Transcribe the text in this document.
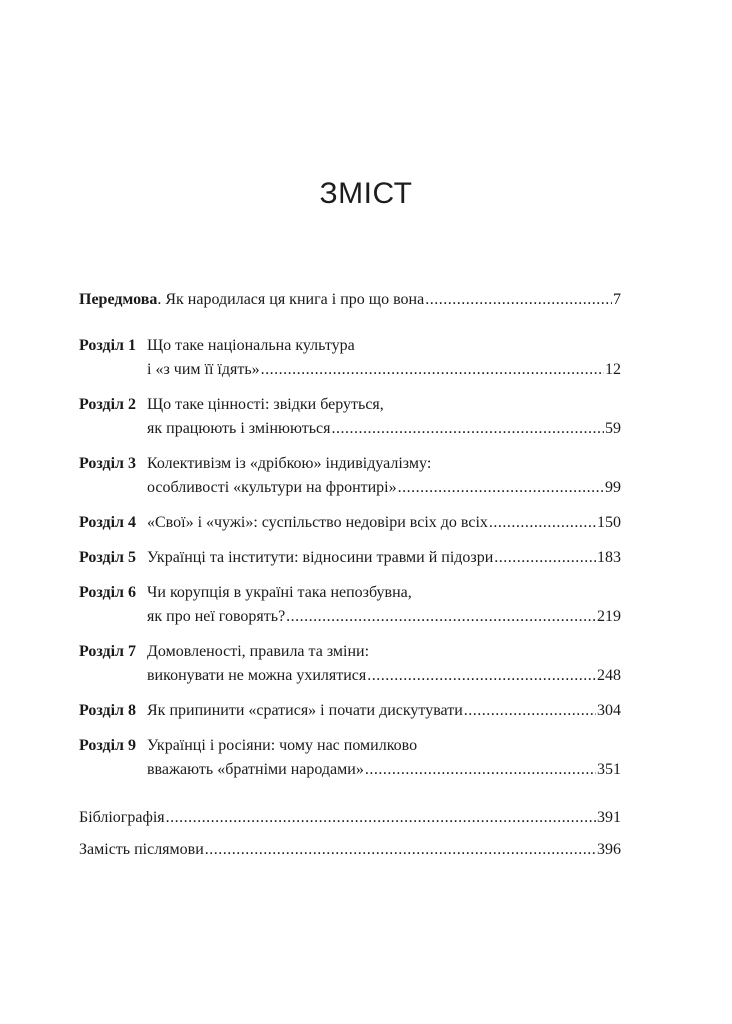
ЗМІСТ
Передмова. Як народилася ця книга і про що вона .....	7
Розділ 1 Що таке національна культура
і «з чим її їдять» .....	12
Розділ 2 Що таке цінності: звідки беруться,
як працюють і змінюються .....	59
Розділ 3 Колективізм із «дрібкою» індивідуалізму:
особливості «культури на фронтирі» .....	99
Розділ 4 «Свої» і «чужі»: суспільство недовіри всіх до всіх .....	150
Розділ 5 Українці та інститути: відносини травми й підозри .....	183
Розділ 6 Чи корупція в україні така непозбувна,
як про неї говорять? .....	219
Розділ 7 Домовленості, правила та зміни:
виконувати не можна ухилятися .....	248
Розділ 8 Як припинити «сратися» і почати дискутувати .....	304
Розділ 9 Українці і росіяни: чому нас помилково
вважають «братніми народами» .....	351
Бібліографія .....	391
Замість післямови .....	396
